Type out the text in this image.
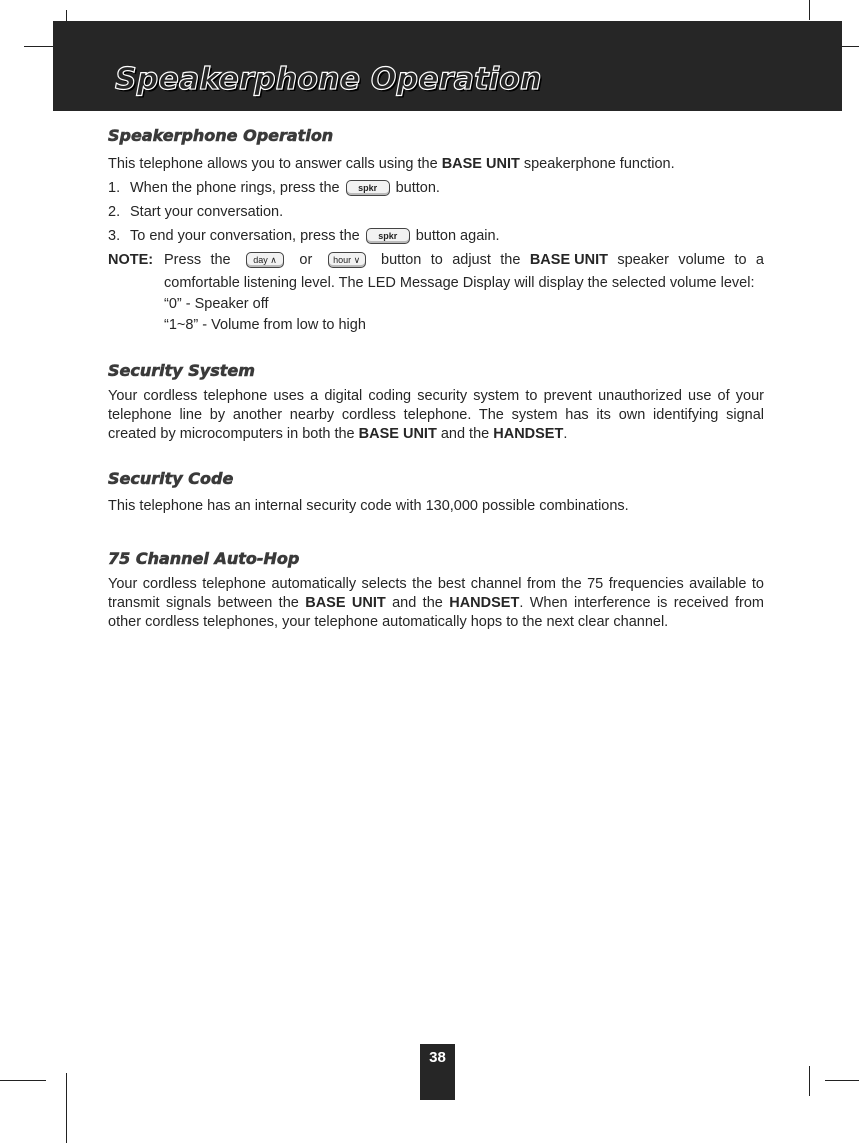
Speakerphone Operation
Speakerphone Operation

This telephone allows you to answer calls using the BASE UNIT speakerphone function.

1. When the phone rings, press the	spkr	button.
2. Start your conversation.
3. To end your conversation, press the	spkr	button again.
NOTE: Press the	day
∧ or hour
∨ button to adjust the BASE UNIT speaker volume to a

comfortable listening level. The LED Message Display will display the selected volume level:

“0” - Speaker off

“1~8” - Volume from low to high

Security System

Your cordless telephone uses a digital coding security system to prevent unauthorized use of your telephone line by another nearby cordless telephone. The system has its own identifying signal created by microcomputers in both the BASE UNIT and the HANDSET.

Security Code

This telephone has an internal security code with 130,000 possible combinations.

75 Channel Auto-Hop

Your cordless telephone automatically selects the best channel from the 75 frequencies available to transmit signals between the BASE UNIT and the HANDSET. When interference is received from other cordless telephones, your telephone automatically hops to the next clear channel.

38
